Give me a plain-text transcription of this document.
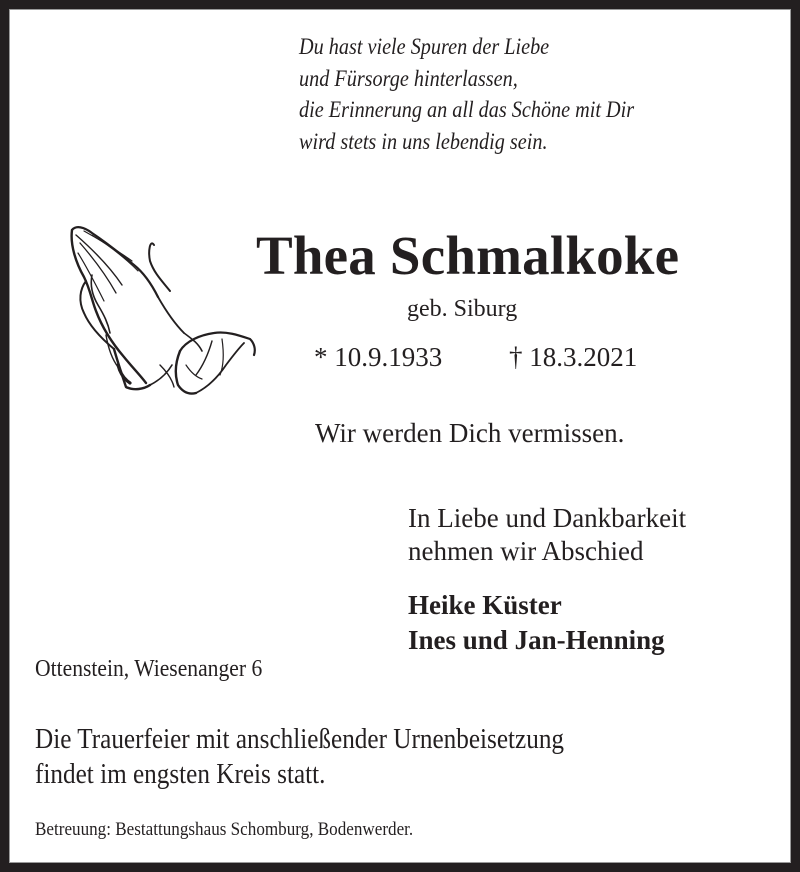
Du hast viele Spuren der Liebe
und Fürsorge hinterlassen,
die Erinnerung an all das Schöne mit Dir
wird stets in uns lebendig sein.
Thea Schmalkoke
geb. Siburg
* 10.9.1933 † 18.3.2021
Wir werden Dich vermissen.
In Liebe und Dankbarkeit
nehmen wir Abschied
Heike Küster
Ines und Jan-Henning
Ottenstein, Wiesenanger 6
Die Trauerfeier mit anschließender Urnenbeisetzung
findet im engsten Kreis statt.
Betreuung: Bestattungshaus Schomburg, Bodenwerder.
